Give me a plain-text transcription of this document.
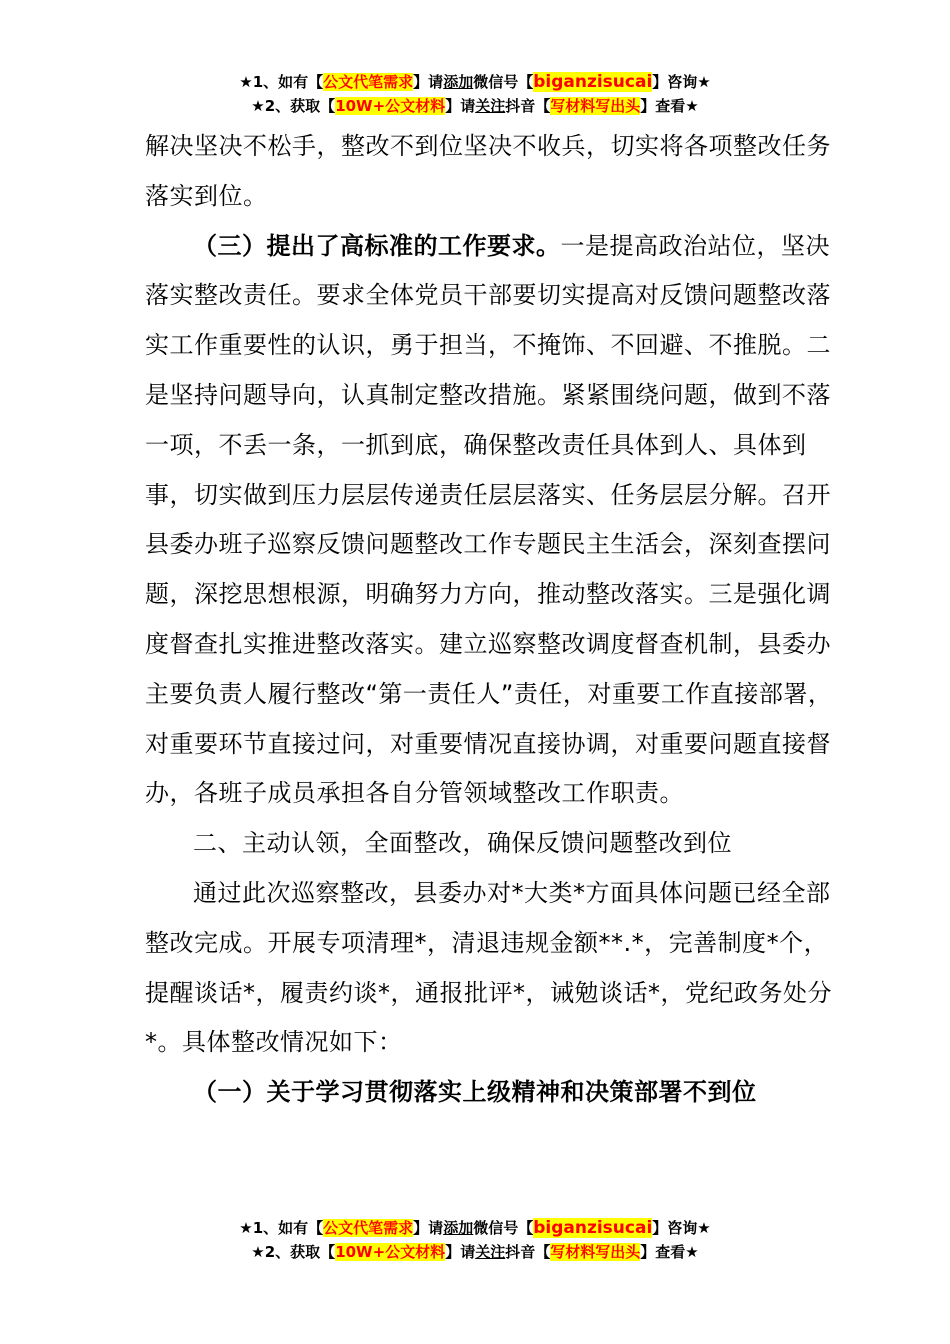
★1、如有【公文代笔需求】请添加微信号【biganzisucai】咨询★
★2、获取【10W+公文材料】请关注抖音【写材料写出头】查看★

解决坚决不松手，整改不到位坚决不收兵，切实将各项整改任务落实到位。

（三）提出了高标准的工作要求。一是提高政治站位，坚决落实整改责任。要求全体党员干部要切实提高对反馈问题整改落实工作重要性的认识，勇于担当，不掩饰、不回避、不推脱。二是坚持问题导向，认真制定整改措施。紧紧围绕问题，做到不落一项，不丢一条，一抓到底，确保整改责任具体到人、具体到事，切实做到压力层层传递责任层层落实、任务层层分解。召开县委办班子巡察反馈问题整改工作专题民主生活会，深刻查摆问题，深挖思想根源，明确努力方向，推动整改落实。三是强化调度督查扎实推进整改落实。建立巡察整改调度督查机制，县委办主要负责人履行整改“第一责任人”责任，对重要工作直接部署，对重要环节直接过问，对重要情况直接协调，对重要问题直接督办，各班子成员承担各自分管领域整改工作职责。

二、主动认领，全面整改，确保反馈问题整改到位

通过此次巡察整改，县委办对*大类*方面具体问题已经全部整改完成。开展专项清理*，清退违规金额**.*，完善制度*个，提醒谈话*，履责约谈*，通报批评*，诫勉谈话*，党纪政务处分*。具体整改情况如下：

（一）关于学习贯彻落实上级精神和决策部署不到位

★1、如有【公文代笔需求】请添加微信号【biganzisucai】咨询★
★2、获取【10W+公文材料】请关注抖音【写材料写出头】查看★
